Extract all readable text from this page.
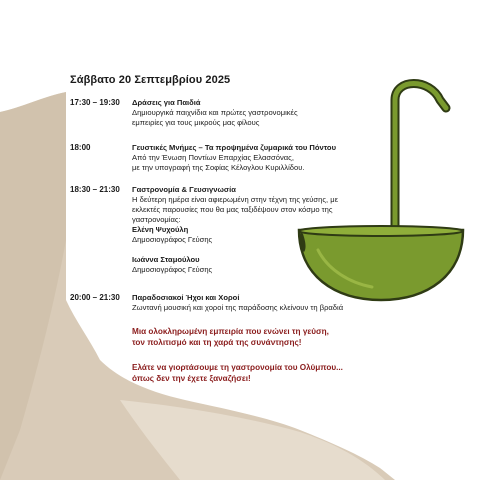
Σάββατο 20 Σεπτεμβρίου 2025
17:30 – 19:30 Δράσεις για Παιδιά
Δημιουργικά παιχνίδια και πρώτες γαστρονομικές
εμπειρίες για τους μικρούς μας φίλους
18:00	Γευστικές Μνήμες – Τα προψημένα ζυμαρικά του Πόντου
Από την Ένωση Ποντίων Επαρχίας Ελασσόνας,
με την υπογραφή της Σοφίας Κέλογλου Κυριλλίδου.
18:30 – 21:30 Γαστρονομία & Γευσιγνωσία
Η δεύτερη ημέρα είναι αφιερωμένη στην τέχνη της γεύσης, με
εκλεκτές παρουσίες που θα μας ταξιδέψουν στον κόσμο της
γαστρονομίας:
Ελένη Ψυχούλη
Δημοσιογράφος Γεύσης
Ιωάννα Σταμούλου
Δημοσιογράφος Γεύσης
20:00 – 21:30 Παραδοσιακοί Ήχοι και Χοροί
Ζωντανή μουσική και χοροί της παράδοσης κλείνουν τη βραδιά
Μια ολοκληρωμένη εμπειρία που ενώνει τη γεύση,
τον πολιτισμό και τη χαρά της συνάντησης!
Ελάτε να γιορτάσουμε τη γαστρονομία του Ολύμπου...
όπως δεν την έχετε ξαναζήσει!
